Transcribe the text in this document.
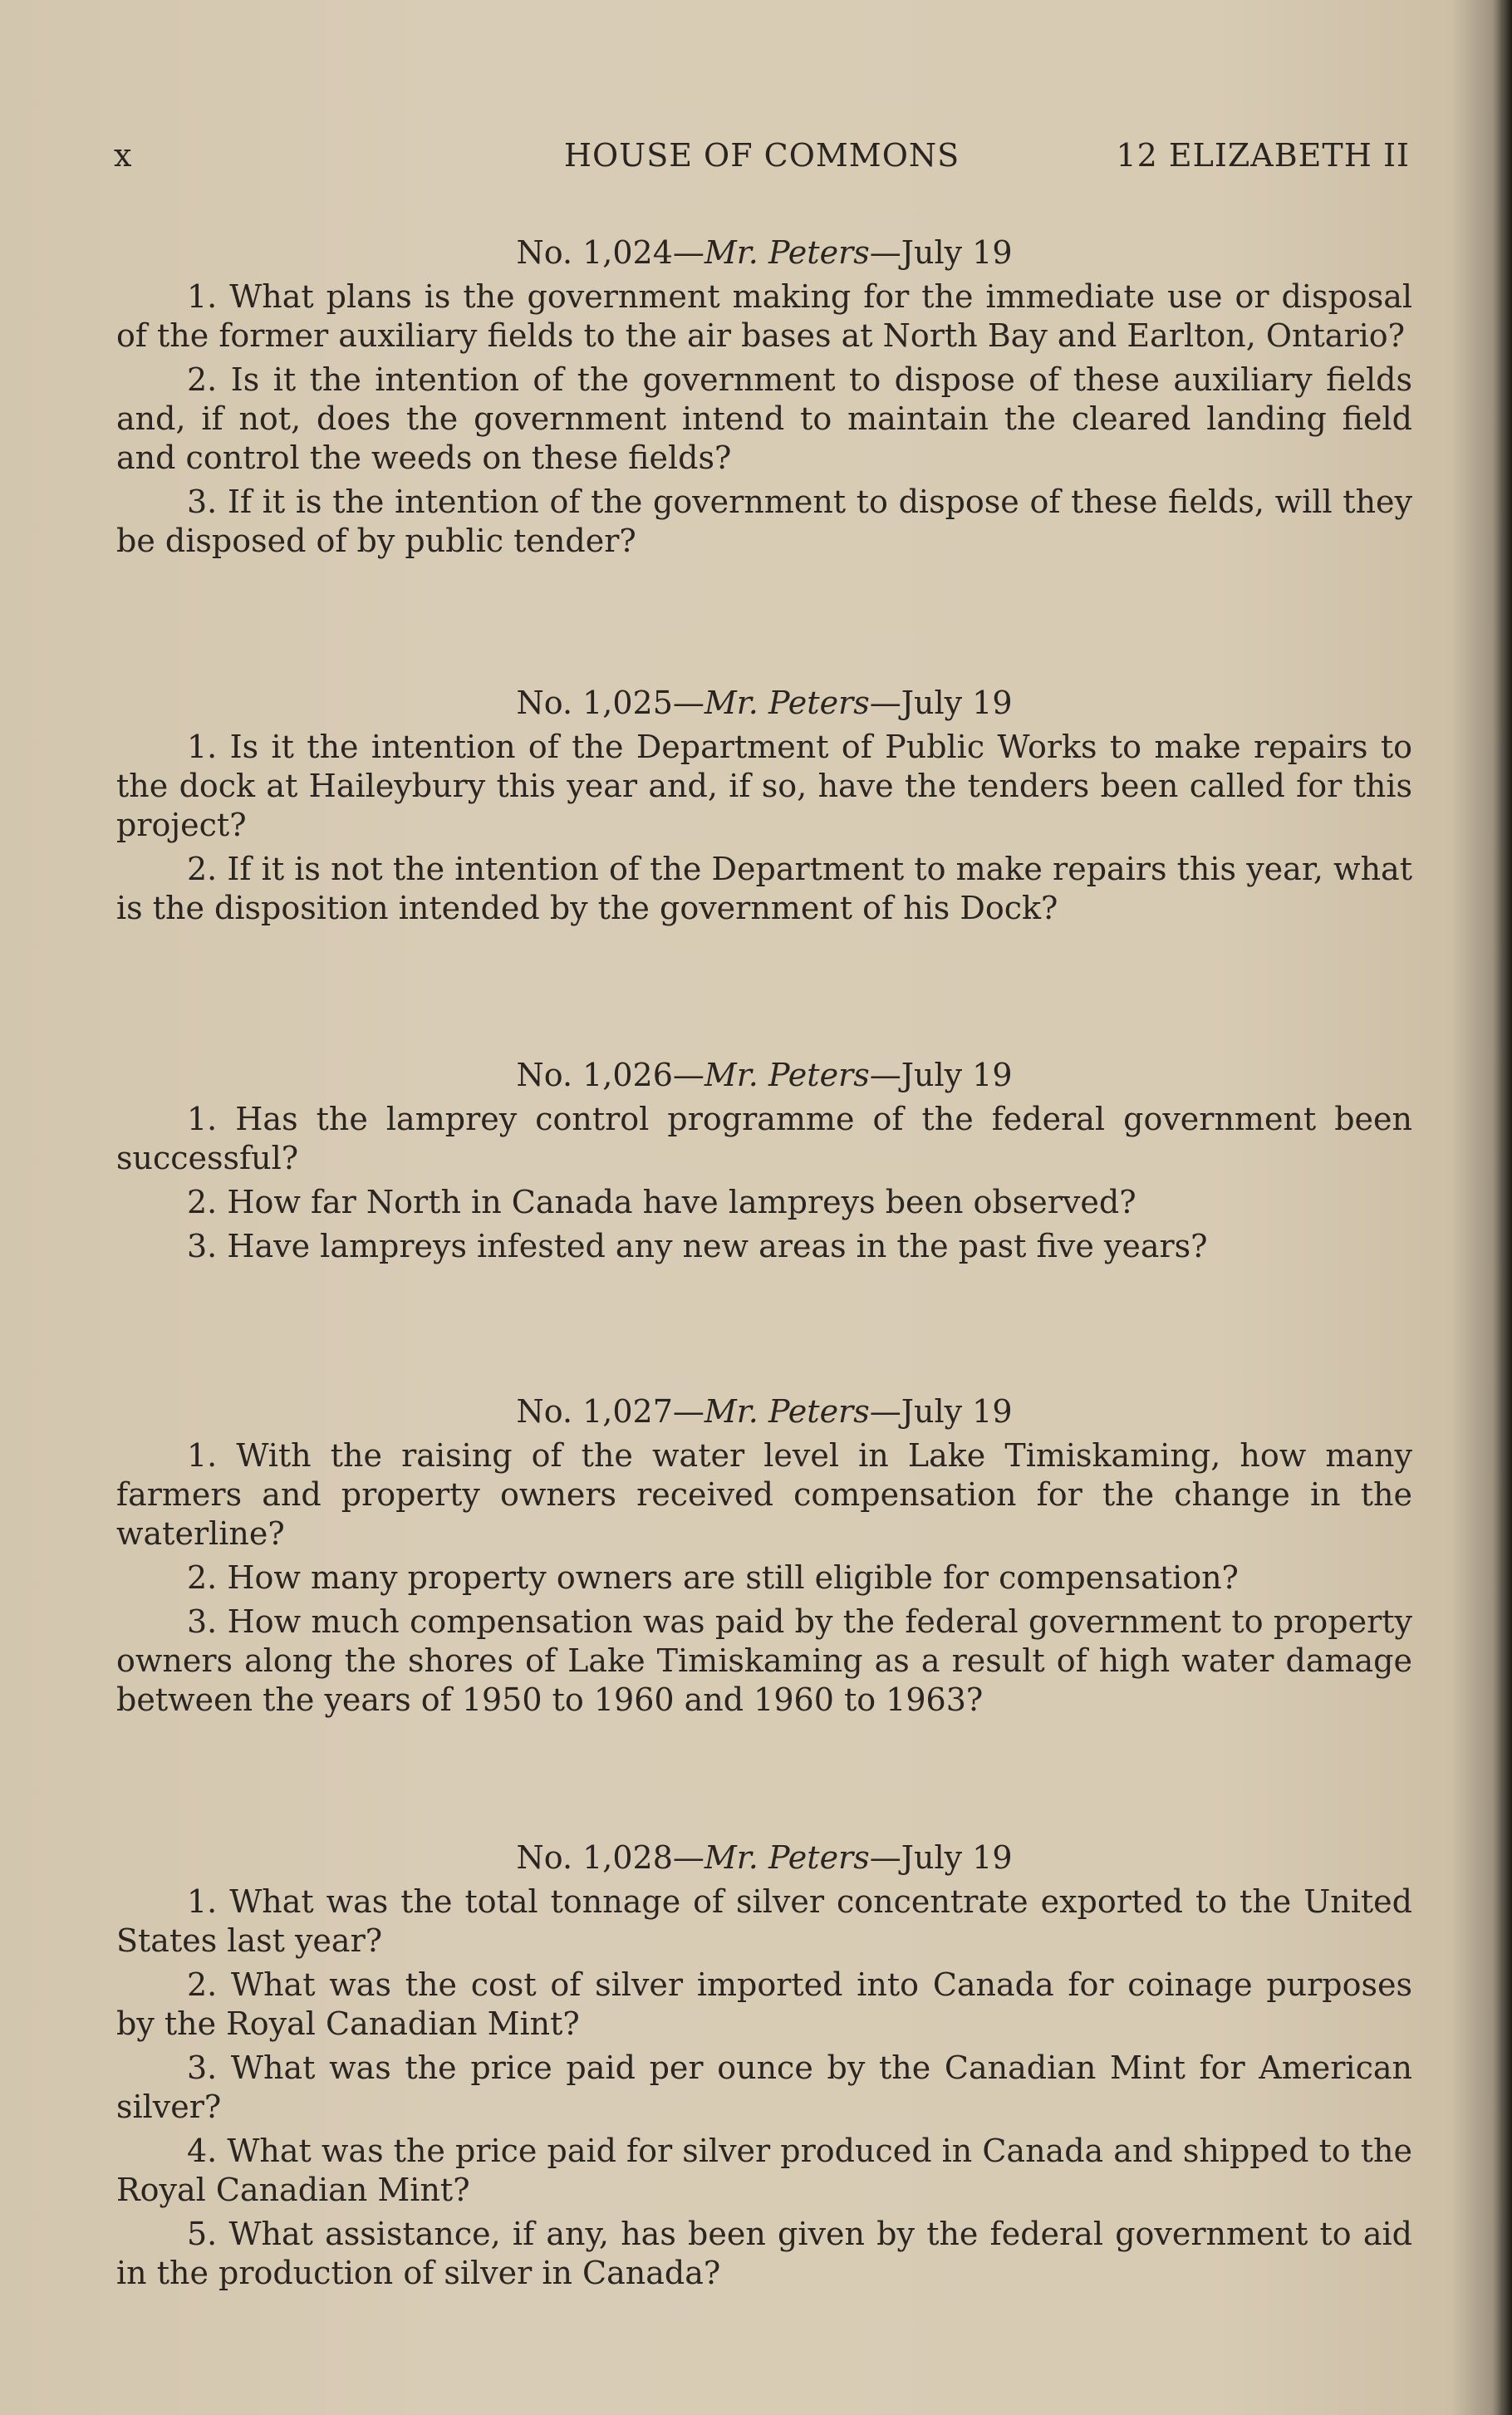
x	HOUSE OF COMMONS	12 ELIZABETH II

No. 1,024—Mr. Peters—July 19

1. What plans is the government making for the immediate use or disposal of the former auxiliary fields to the air bases at North Bay and Earlton, Ontario?

2. Is it the intention of the government to dispose of these auxiliary fields and, if not, does the government intend to maintain the cleared landing field and control the weeds on these fields?

3. If it is the intention of the government to dispose of these fields, will they be disposed of by public tender?

No. 1,025—Mr. Peters—July 19

1. Is it the intention of the Department of Public Works to make repairs to the dock at Haileybury this year and, if so, have the tenders been called for this project?

2. If it is not the intention of the Department to make repairs this year, what is the disposition intended by the government of his Dock?

No. 1,026—Mr. Peters—July 19

1. Has the lamprey control programme of the federal government been successful?

2. How far North in Canada have lampreys been observed?

3. Have lampreys infested any new areas in the past five years?

No. 1,027—Mr. Peters—July 19

1. With the raising of the water level in Lake Timiskaming, how many farmers and property owners received compensation for the change in the waterline?

2. How many property owners are still eligible for compensation?

3. How much compensation was paid by the federal government to property owners along the shores of Lake Timiskaming as a result of high water damage between the years of 1950 to 1960 and 1960 to 1963?

No. 1,028—Mr. Peters—July 19

1. What was the total tonnage of silver concentrate exported to the United States last year?

2. What was the cost of silver imported into Canada for coinage purposes by the Royal Canadian Mint?

3. What was the price paid per ounce by the Canadian Mint for American silver?

4. What was the price paid for silver produced in Canada and shipped to the Royal Canadian Mint?

5. What assistance, if any, has been given by the federal government to aid in the production of silver in Canada?
